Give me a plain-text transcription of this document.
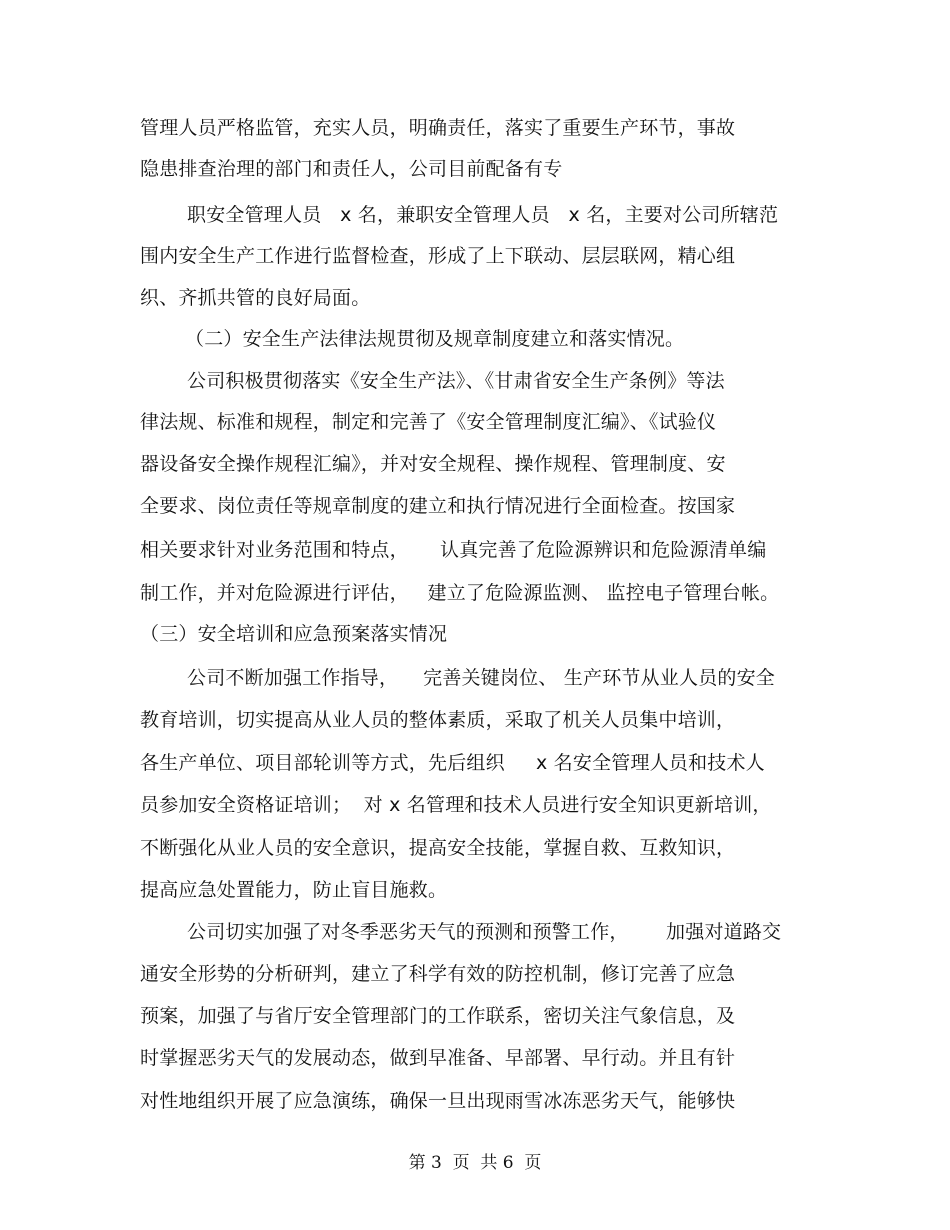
管理人员严格监管，充实人员，明确责任，落实了重要生产环节，事故
隐患排查治理的部门和责任人，公司目前配备有专
职安全管理人员   x 名，兼职安全管理人员   x 名，主要对公司所辖范
围内安全生产工作进行监督检查，形成了上下联动、层层联网，精心组
织、齐抓共管的良好局面。
（二）安全生产法律法规贯彻及规章制度建立和落实情况。
公司积极贯彻落实《安全生产法》、《甘肃省安全生产条例》等法
律法规、标准和规程，制定和完善了《安全管理制度汇编》、《试验仪
器设备安全操作规程汇编》，并对安全规程、操作规程、管理制度、安
全要求、岗位责任等规章制度的建立和执行情况进行全面检查。按国家
相关要求针对业务范围和特点，     认真完善了危险源辨识和危险源清单编
制工作，并对危险源进行评估，   建立了危险源监测、 监控电子管理台帐。
（三）安全培训和应急预案落实情况
公司不断加强工作指导，    完善关键岗位、 生产环节从业人员的安全
教育培训，切实提高从业人员的整体素质，采取了机关人员集中培训，
各生产单位、项目部轮训等方式，先后组织     x 名安全管理人员和技术人
员参加安全资格证培训；  对 x 名管理和技术人员进行安全知识更新培训，
不断强化从业人员的安全意识，提高安全技能，掌握自救、互救知识，
提高应急处置能力，防止盲目施救。
公司切实加强了对冬季恶劣天气的预测和预警工作，      加强对道路交
通安全形势的分析研判，建立了科学有效的防控机制，修订完善了应急
预案，加强了与省厅安全管理部门的工作联系，密切关注气象信息，及
时掌握恶劣天气的发展动态，做到早准备、早部署、早行动。并且有针
对性地组织开展了应急演练，确保一旦出现雨雪冰冻恶劣天气，能够快
第 3  页  共 6  页
